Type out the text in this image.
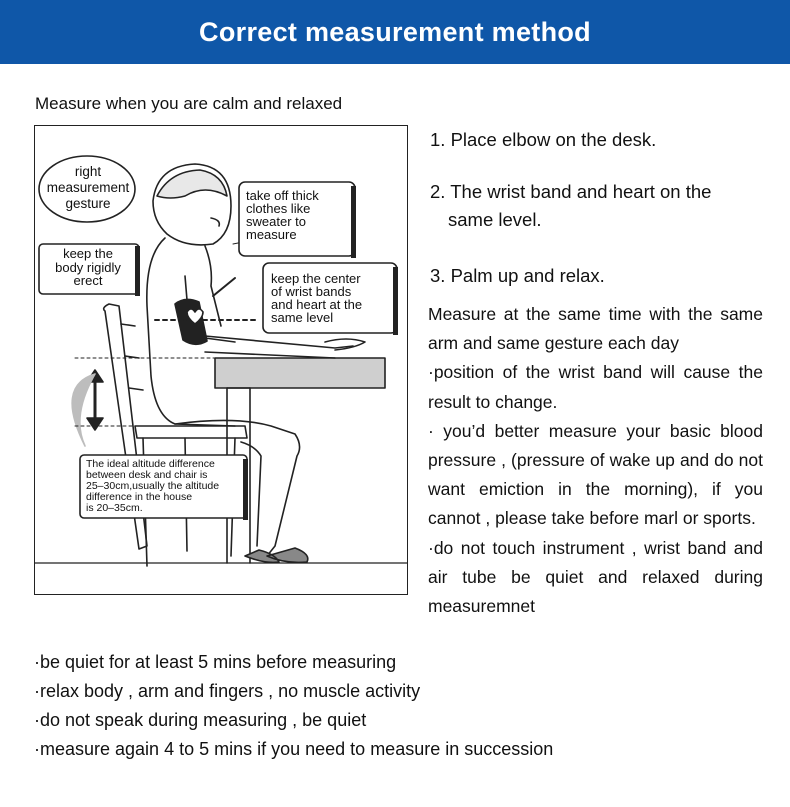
Correct measurement method
Measure when you are calm and relaxed
right
measurement
gesture
keep the
body rigidly
erect
take off thick
clothes like
sweater to
measure
keep the center
of wrist bands
and heart at the
same level
The ideal altitude difference
between desk and chair is
25–30cm,usually the altitude
difference in the house
is 20–35cm.
1. Place elbow on the desk.
2. The wrist band and heart on the
same level.
3. Palm up and relax.

Measure at the same time with the same arm and same gesture each day

·position of the wrist band will cause the result to change.

· you’d better measure your basic blood pressure , (pressure of wake up and do not want emiction in the morning), if you cannot , please take before marl or sports.

·do not touch instrument , wrist band and air tube be quiet and relaxed during measuremnet

·be quiet for at least 5 mins before measuring

·relax body , arm and fingers , no muscle activity

·do not speak during measuring , be quiet

·measure again 4 to 5 mins if you need to measure in succession
